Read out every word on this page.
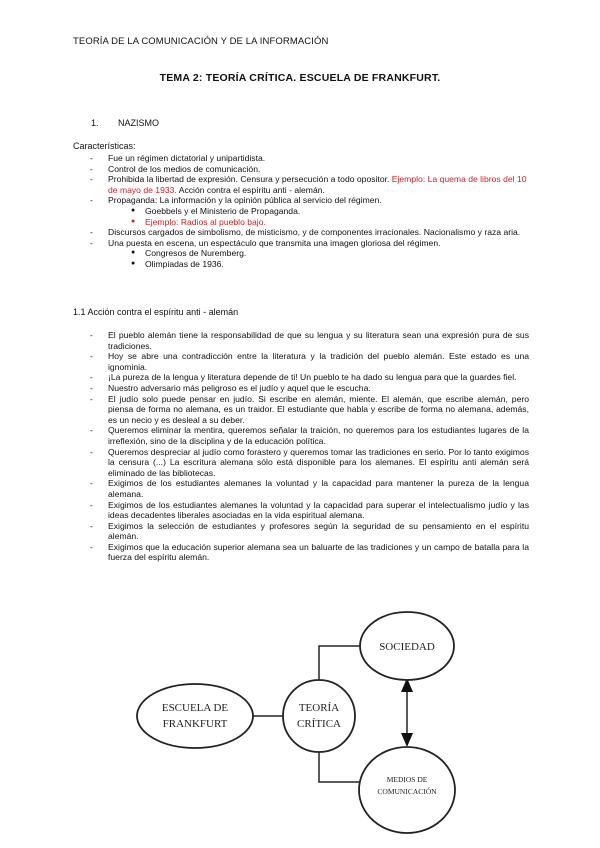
TEORÍA DE LA COMUNICACIÓN Y DE LA INFORMACIÓN
TEMA 2: TEORÍA CRÍTICA. ESCUELA DE FRANKFURT.
1. NAZISMO
Características:
- Fue un régimen dictatorial y unipartidista.
- Control de los medios de comunicación.
- Prohibida la libertad de expresión. Censura y persecución a todo opositor. Ejemplo: La quema de libros del 10 de mayo de 1933. Acción contra el espíritu anti - alemán.
- Propaganda: La información y la opinión pública al servicio del régimen.
● Goebbels y el Ministerio de Propaganda.
● Ejemplo: Radios al pueblo bajo.
- Discursos cargados de simbolismo, de misticismo, y de componentes irracionales. Nacionalismo y raza aria.
- Una puesta en escena, un espectáculo que transmita una imagen gloriosa del régimen.
● Congresos de Nuremberg.
● Olimpiadas de 1936.
1.1 Acción contra el espíritu anti - alemán
- El pueblo alemán tiene la responsabilidad de que su lengua y su literatura sean una expresión pura de sus tradiciones.
- Hoy se abre una contradicción entre la literatura y la tradición del pueblo alemán. Este estado es una ignominia.
- ¡La pureza de la lengua y literatura depende de ti! Un pueblo te ha dado su lengua para que la guardes fiel.
- Nuestro adversario más peligroso es el judío y aquel que le escucha.
- El judío solo puede pensar en judío. Si escribe en alemán, miente. El alemán, que escribe alemán, pero piensa de forma no alemana, es un traidor. El estudiante que habla y escribe de forma no alemana, además, es un necio y es desleal a su deber.
- Queremos eliminar la mentira, queremos señalar la traición, no queremos para los estudiantes lugares de la irreflexión, sino de la disciplina y de la educación política.
- Queremos despreciar al judío como forastero y queremos tomar las tradiciones en serio. Por lo tanto exigimos la censura (...) La escritura alemana sólo está disponible para los alemanes. El espíritu anti alemán será eliminado de las bibliotecas.
- Exigimos de los estudiantes alemanes la voluntad y la capacidad para mantener la pureza de la lengua alemana.
- Exigimos de los estudiantes alemanes la voluntad y la capacidad para superar el intelectualismo judío y las ideas decadentes liberales asociadas en la vida espiritual alemana.
- Exigimos la selección de estudiantes y profesores según la seguridad de su pensamiento en el espíritu alemán.
- Exigimos que la educación superior alemana sea un baluarte de las tradiciones y un campo de batalla para la fuerza del espíritu alemán.
ESCUELA DE
FRANKFURT
TEORÍA
CRÍTICA
SOCIEDAD
MEDIOS DE
COMUNICACIÓN
